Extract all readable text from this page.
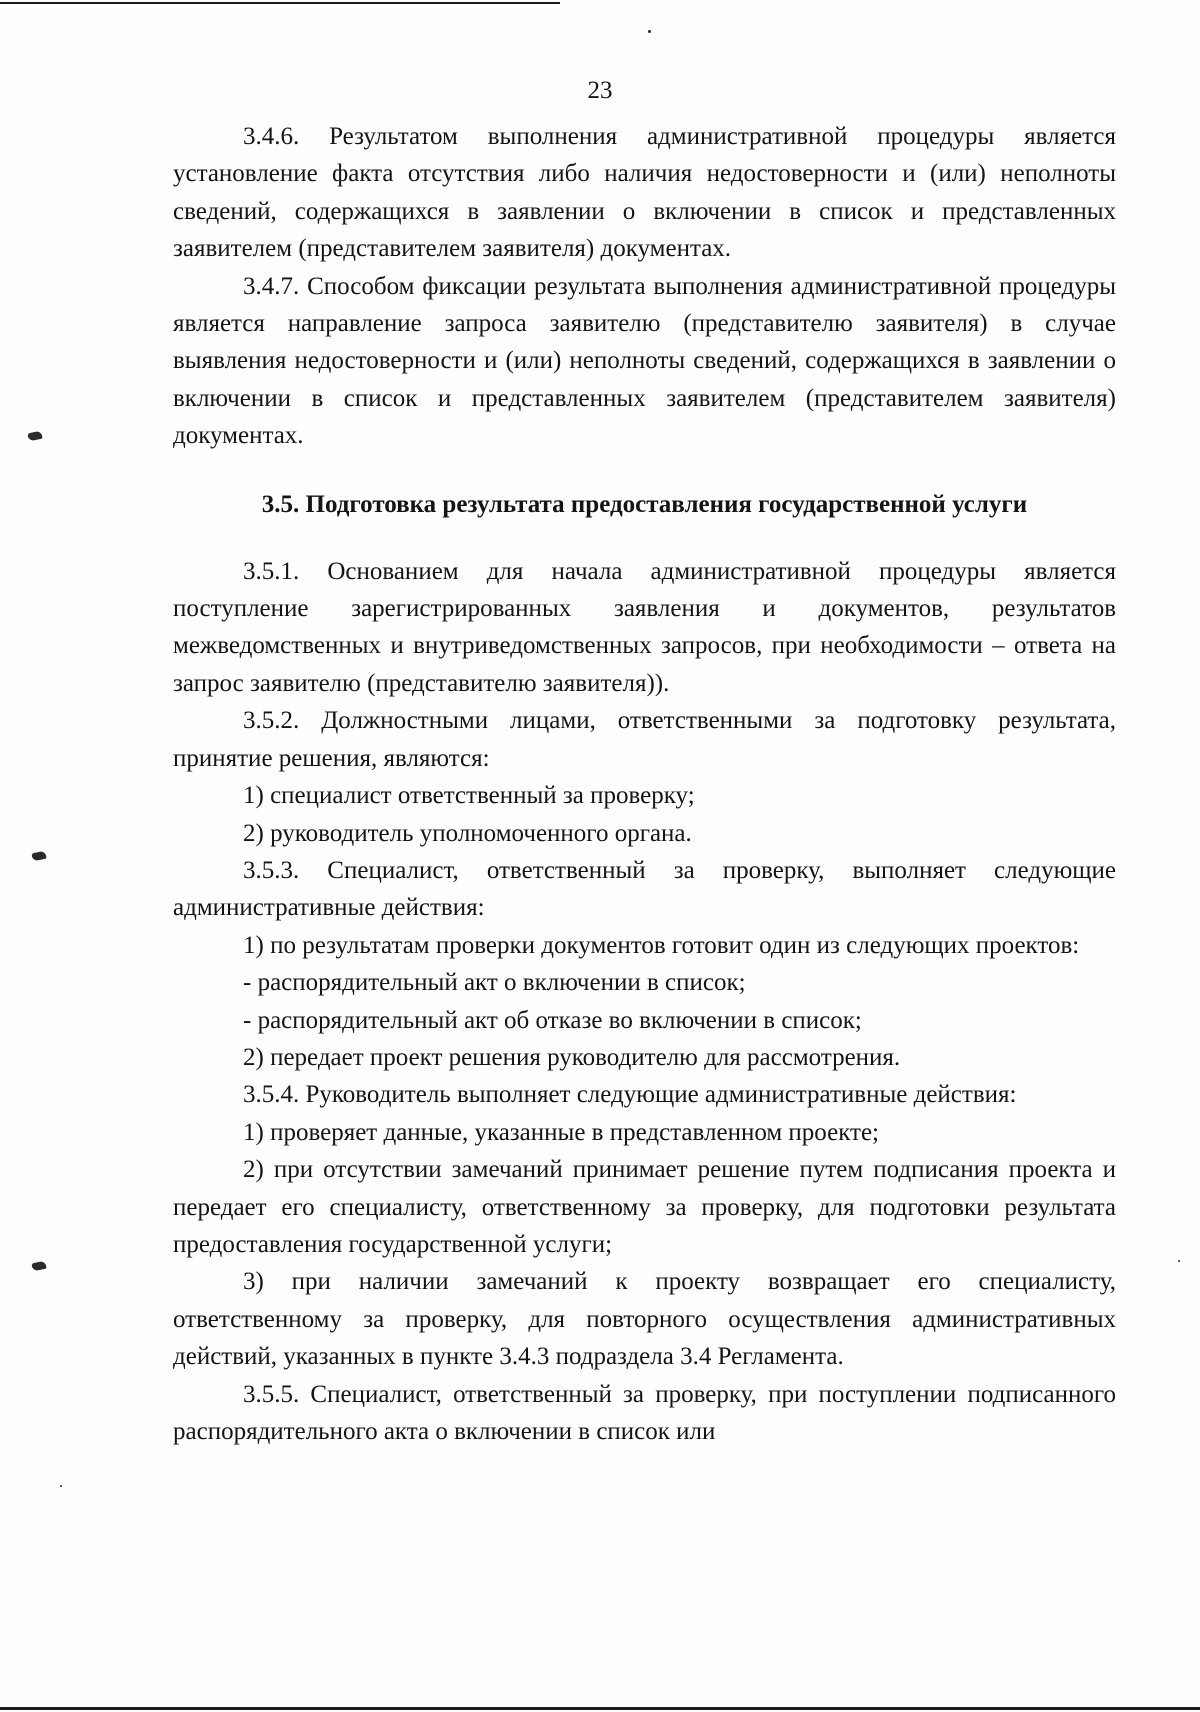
23

3.4.6. Результатом выполнения административной процедуры является установление факта отсутствия либо наличия недостоверности и (или) неполноты сведений, содержащихся в заявлении о включении в список и представленных заявителем (представителем заявителя) документах.

3.4.7. Способом фиксации результата выполнения административной процедуры является направление запроса заявителю (представителю заявителя) в случае выявления недостоверности и (или) неполноты сведений, содержащихся в заявлении о включении в список и представленных заявителем (представителем заявителя) документах.

3.5. Подготовка результата предоставления государственной услуги

3.5.1. Основанием для начала административной процедуры является поступление зарегистрированных заявления и документов, результатов межведомственных и внутриведомственных запросов, при необходимости – ответа на запрос заявителю (представителю заявителя)).

3.5.2. Должностными лицами, ответственными за подготовку результата, принятие решения, являются:

1) специалист ответственный за проверку;

2) руководитель уполномоченного органа.

3.5.3. Специалист, ответственный за проверку, выполняет следующие административные действия:

1) по результатам проверки документов готовит один из следующих проектов:

- распорядительный акт о включении в список;

- распорядительный акт об отказе во включении в список;

2) передает проект решения руководителю для рассмотрения.

3.5.4. Руководитель выполняет следующие административные действия:

1) проверяет данные, указанные в представленном проекте;

2) при отсутствии замечаний принимает решение путем подписания проекта и передает его специалисту, ответственному за проверку, для подготовки результата предоставления государственной услуги;

3) при наличии замечаний к проекту возвращает его специалисту, ответственному за проверку, для повторного осуществления административных действий, указанных в пункте 3.4.3 подраздела 3.4 Регламента.

3.5.5. Специалист, ответственный за проверку, при поступлении подписанного распорядительного акта о включении в список или
